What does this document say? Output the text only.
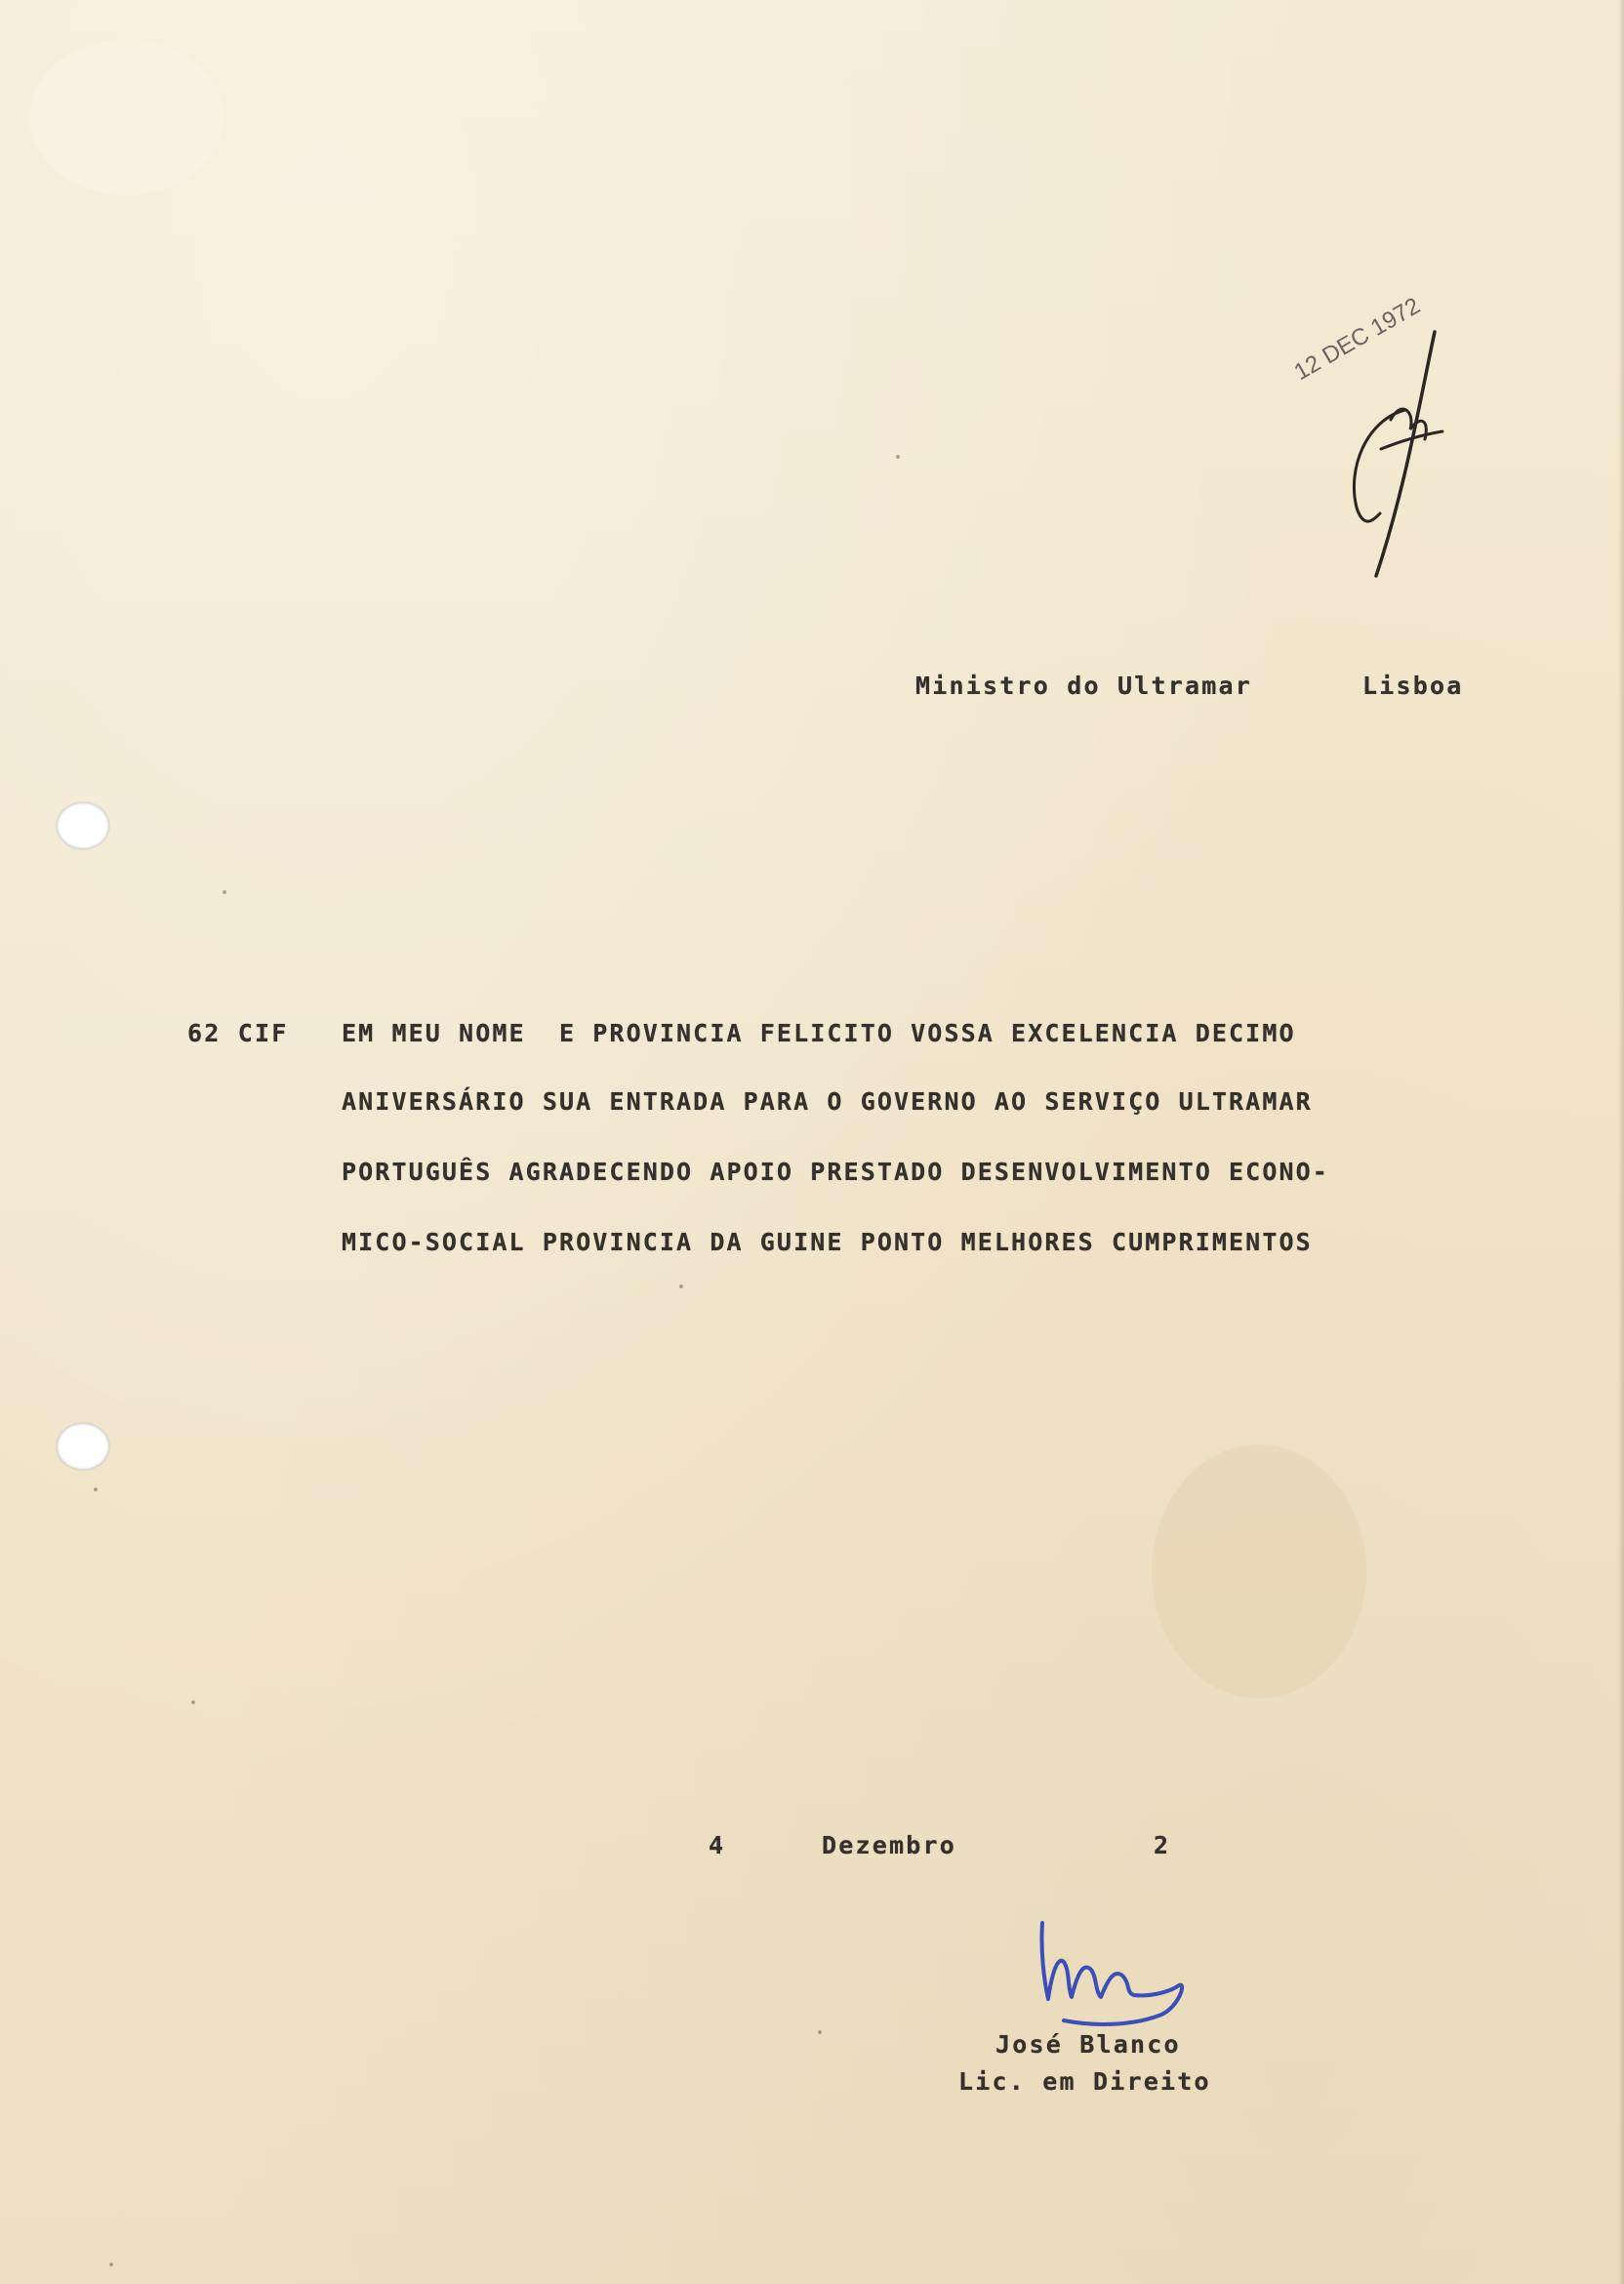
12 DEC 1972
Ministro do Ultramar	Lisboa
62 CIF EM MEU NOME  E PROVINCIA FELICITO VOSSA EXCELENCIA DECIMO
ANIVERSÁRIO SUA ENTRADA PARA O GOVERNO AO SERVIÇO ULTRAMAR
PORTUGUÊS AGRADECENDO APOIO PRESTADO DESENVOLVIMENTO ECONO-
MICO-SOCIAL PROVINCIA DA GUINE PONTO MELHORES CUMPRIMENTOS
4	Dezembro	2
José Blanco
Lic. em Direito
